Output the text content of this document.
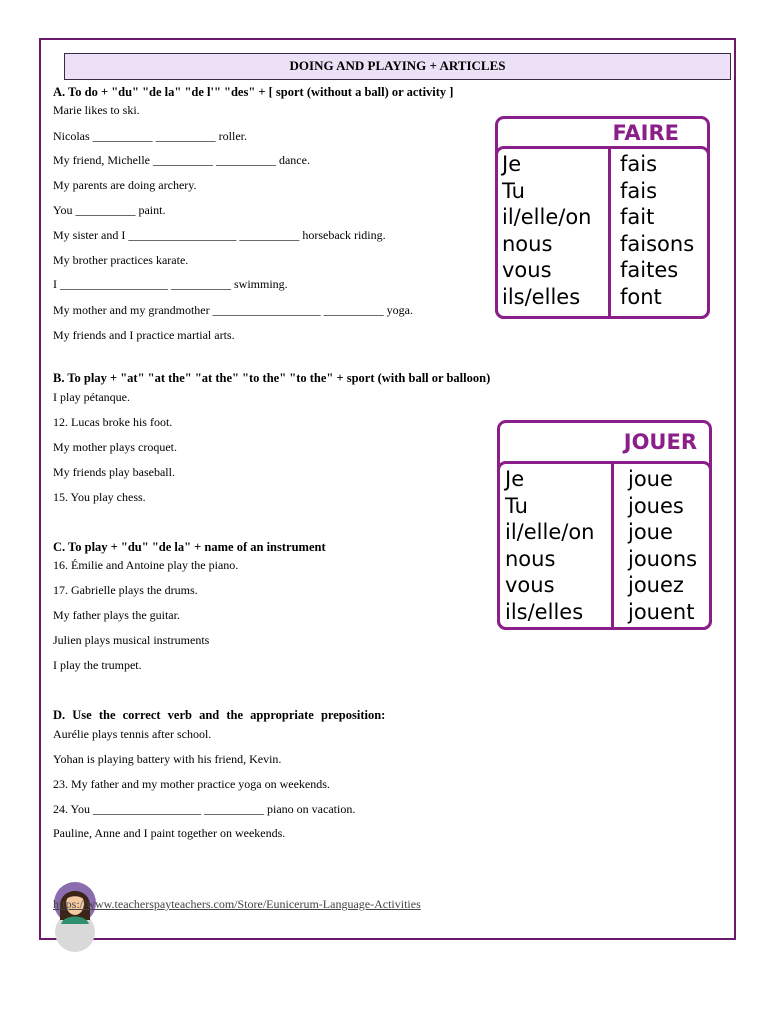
DOING AND PLAYING + ARTICLES
A. To do + "du" "de la" "de l'" "des" + [ sport (without a ball) or activity ]
Marie likes to ski.
Nicolas __________ __________ roller.
My friend, Michelle __________ __________ dance.
My parents are doing archery.
You __________ paint.
My sister and I __________________ __________ horseback riding.
My brother practices karate.
I __________________ __________ swimming.
My mother and my grandmother __________________ __________ yoga.
My friends and I practice martial arts.
B. To play + "at" "at the" "at the" "to the" "to the" + sport (with ball or balloon)
I play pétanque.
12. Lucas broke his foot.
My mother plays croquet.
My friends play baseball.
15. You play chess.
C. To play + "du" "de la" + name of an instrument
16. Émilie and Antoine play the piano.
17. Gabrielle plays the drums.
My father plays the guitar.
Julien plays musical instruments
I play the trumpet.
D. Use the correct verb and the appropriate preposition:
Aurélie plays tennis after school.
Yohan is playing battery with his friend, Kevin.
23. My father and my mother practice yoga on weekends.
24. You __________________ __________ piano on vacation.
Pauline, Anne and I paint together on weekends.
FAIRE
Je
Tu
il/elle/on
nous
vous
ils/elles
fais
fais
fait
faisons
faites
font
JOUER
Je
Tu
il/elle/on
nous
vous
ils/elles
joue
joues
joue
jouons
jouez
jouent
https://www.teacherspayteachers.com/Store/Eunicerum-Language-Activities
